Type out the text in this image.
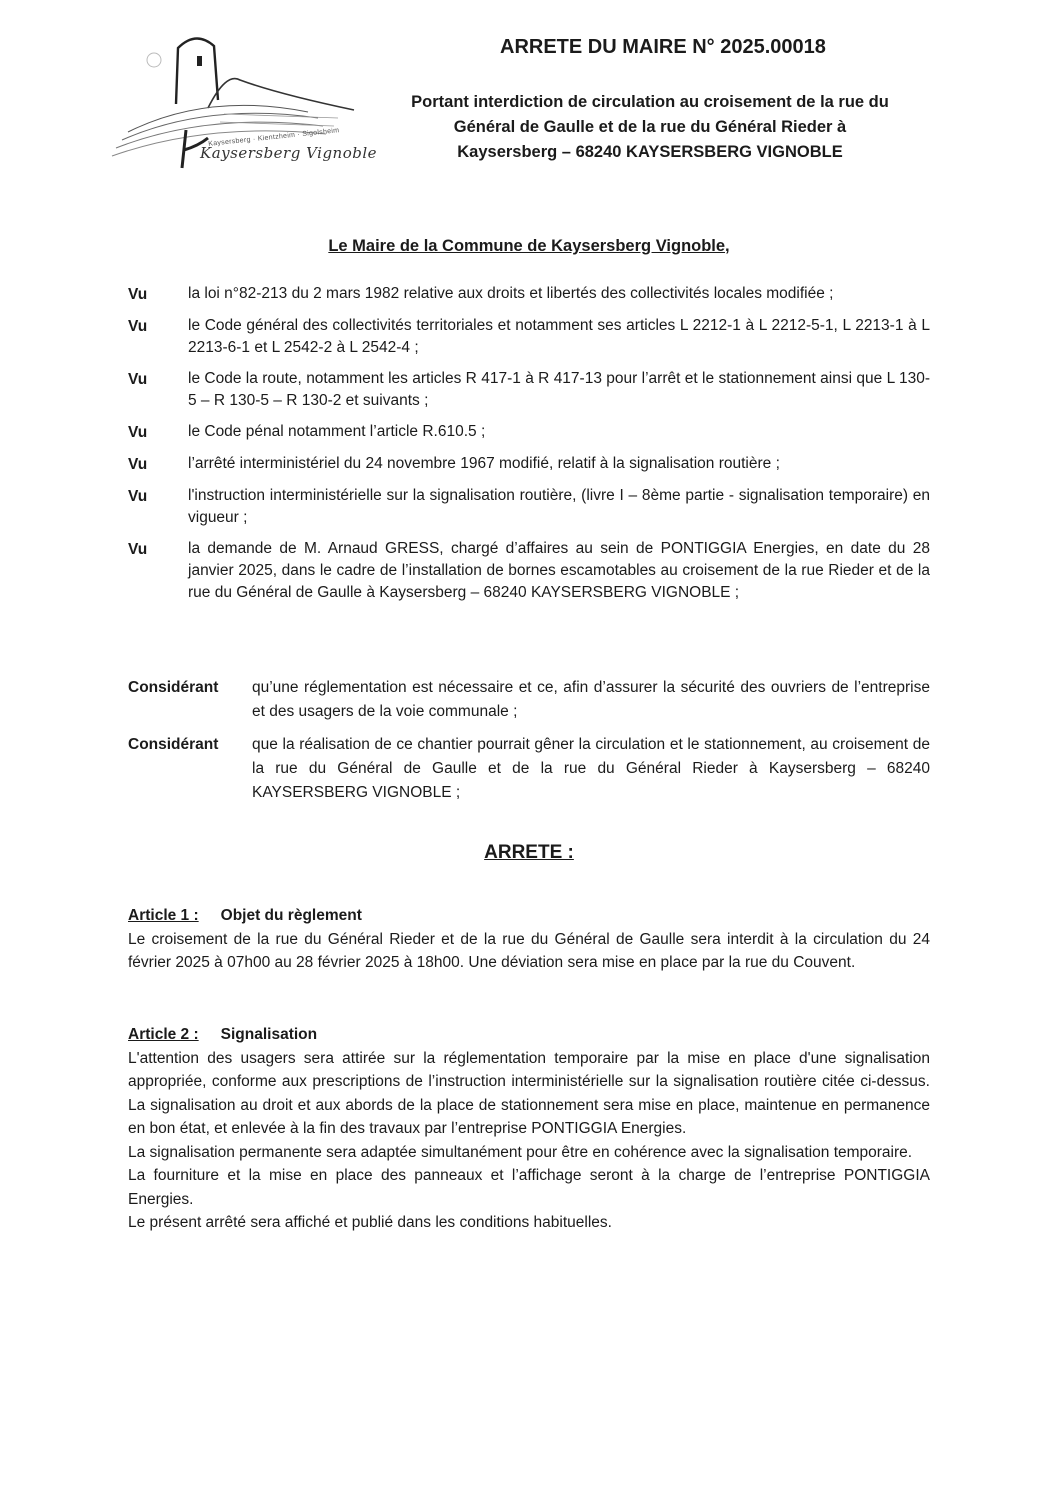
Kaysersberg · Kientzheim · Sigolsheim
Kaysersberg Vignoble
ARRETE DU MAIRE N° 2025.00018
Portant interdiction de circulation au croisement de la rue du
Général de Gaulle et de la rue du Général Rieder à
Kaysersberg – 68240 KAYSERSBERG VIGNOBLE
Le Maire de la Commune de Kaysersberg Vignoble,
Vu	la loi n°82-213 du 2 mars 1982 relative aux droits et libertés des collectivités locales modifiée ;
Vu	le Code général des collectivités territoriales et notamment ses articles L 2212-1 à L 2212-5-1, L 2213-1 à L 2213-6-1 et L 2542-2 à L 2542-4 ;
Vu	le Code la route, notamment les articles R 417-1 à R 417-13 pour l’arrêt et le stationnement ainsi que L 130-5 – R 130-5 – R 130-2 et suivants ;
Vu	le Code pénal notamment l’article R.610.5 ;
Vu	l’arrêté interministériel du 24 novembre 1967 modifié, relatif à la signalisation routière ;
Vu	l'instruction interministérielle sur la signalisation routière, (livre I – 8ème partie - signalisation temporaire) en vigueur ;
Vu	la demande de M. Arnaud GRESS, chargé d’affaires au sein de PONTIGGIA Energies, en date du 28 janvier 2025, dans le cadre de l’installation de bornes escamotables au croisement de la rue Rieder et de la rue du Général de Gaulle à Kaysersberg – 68240 KAYSERSBERG VIGNOBLE ;
Considérant	qu’une réglementation est nécessaire et ce, afin d’assurer la sécurité des ouvriers de l’entreprise et des usagers de la voie communale ;
Considérant	que la réalisation de ce chantier pourrait gêner la circulation et le stationnement, au croisement de la rue du Général de Gaulle et de la rue du Général Rieder à Kaysersberg – 68240 KAYSERSBERG VIGNOBLE ;
ARRETE :
Article 1 : Objet du règlement

Le croisement de la rue du Général Rieder et de la rue du Général de Gaulle sera interdit à la circulation du 24 février 2025 à 07h00 au 28 février 2025 à 18h00. Une déviation sera mise en place par la rue du Couvent.

Article 2 : Signalisation

L'attention des usagers sera attirée sur la réglementation temporaire par la mise en place d'une signalisation appropriée, conforme aux prescriptions de l’instruction interministérielle sur la signalisation routière citée ci-dessus. La signalisation au droit et aux abords de la place de stationnement sera mise en place, maintenue en permanence en bon état, et enlevée à la fin des travaux par l’entreprise PONTIGGIA Energies.

La signalisation permanente sera adaptée simultanément pour être en cohérence avec la signalisation temporaire.

La fourniture et la mise en place des panneaux et l’affichage seront à la charge de l’entreprise PONTIGGIA Energies.

Le présent arrêté sera affiché et publié dans les conditions habituelles.
